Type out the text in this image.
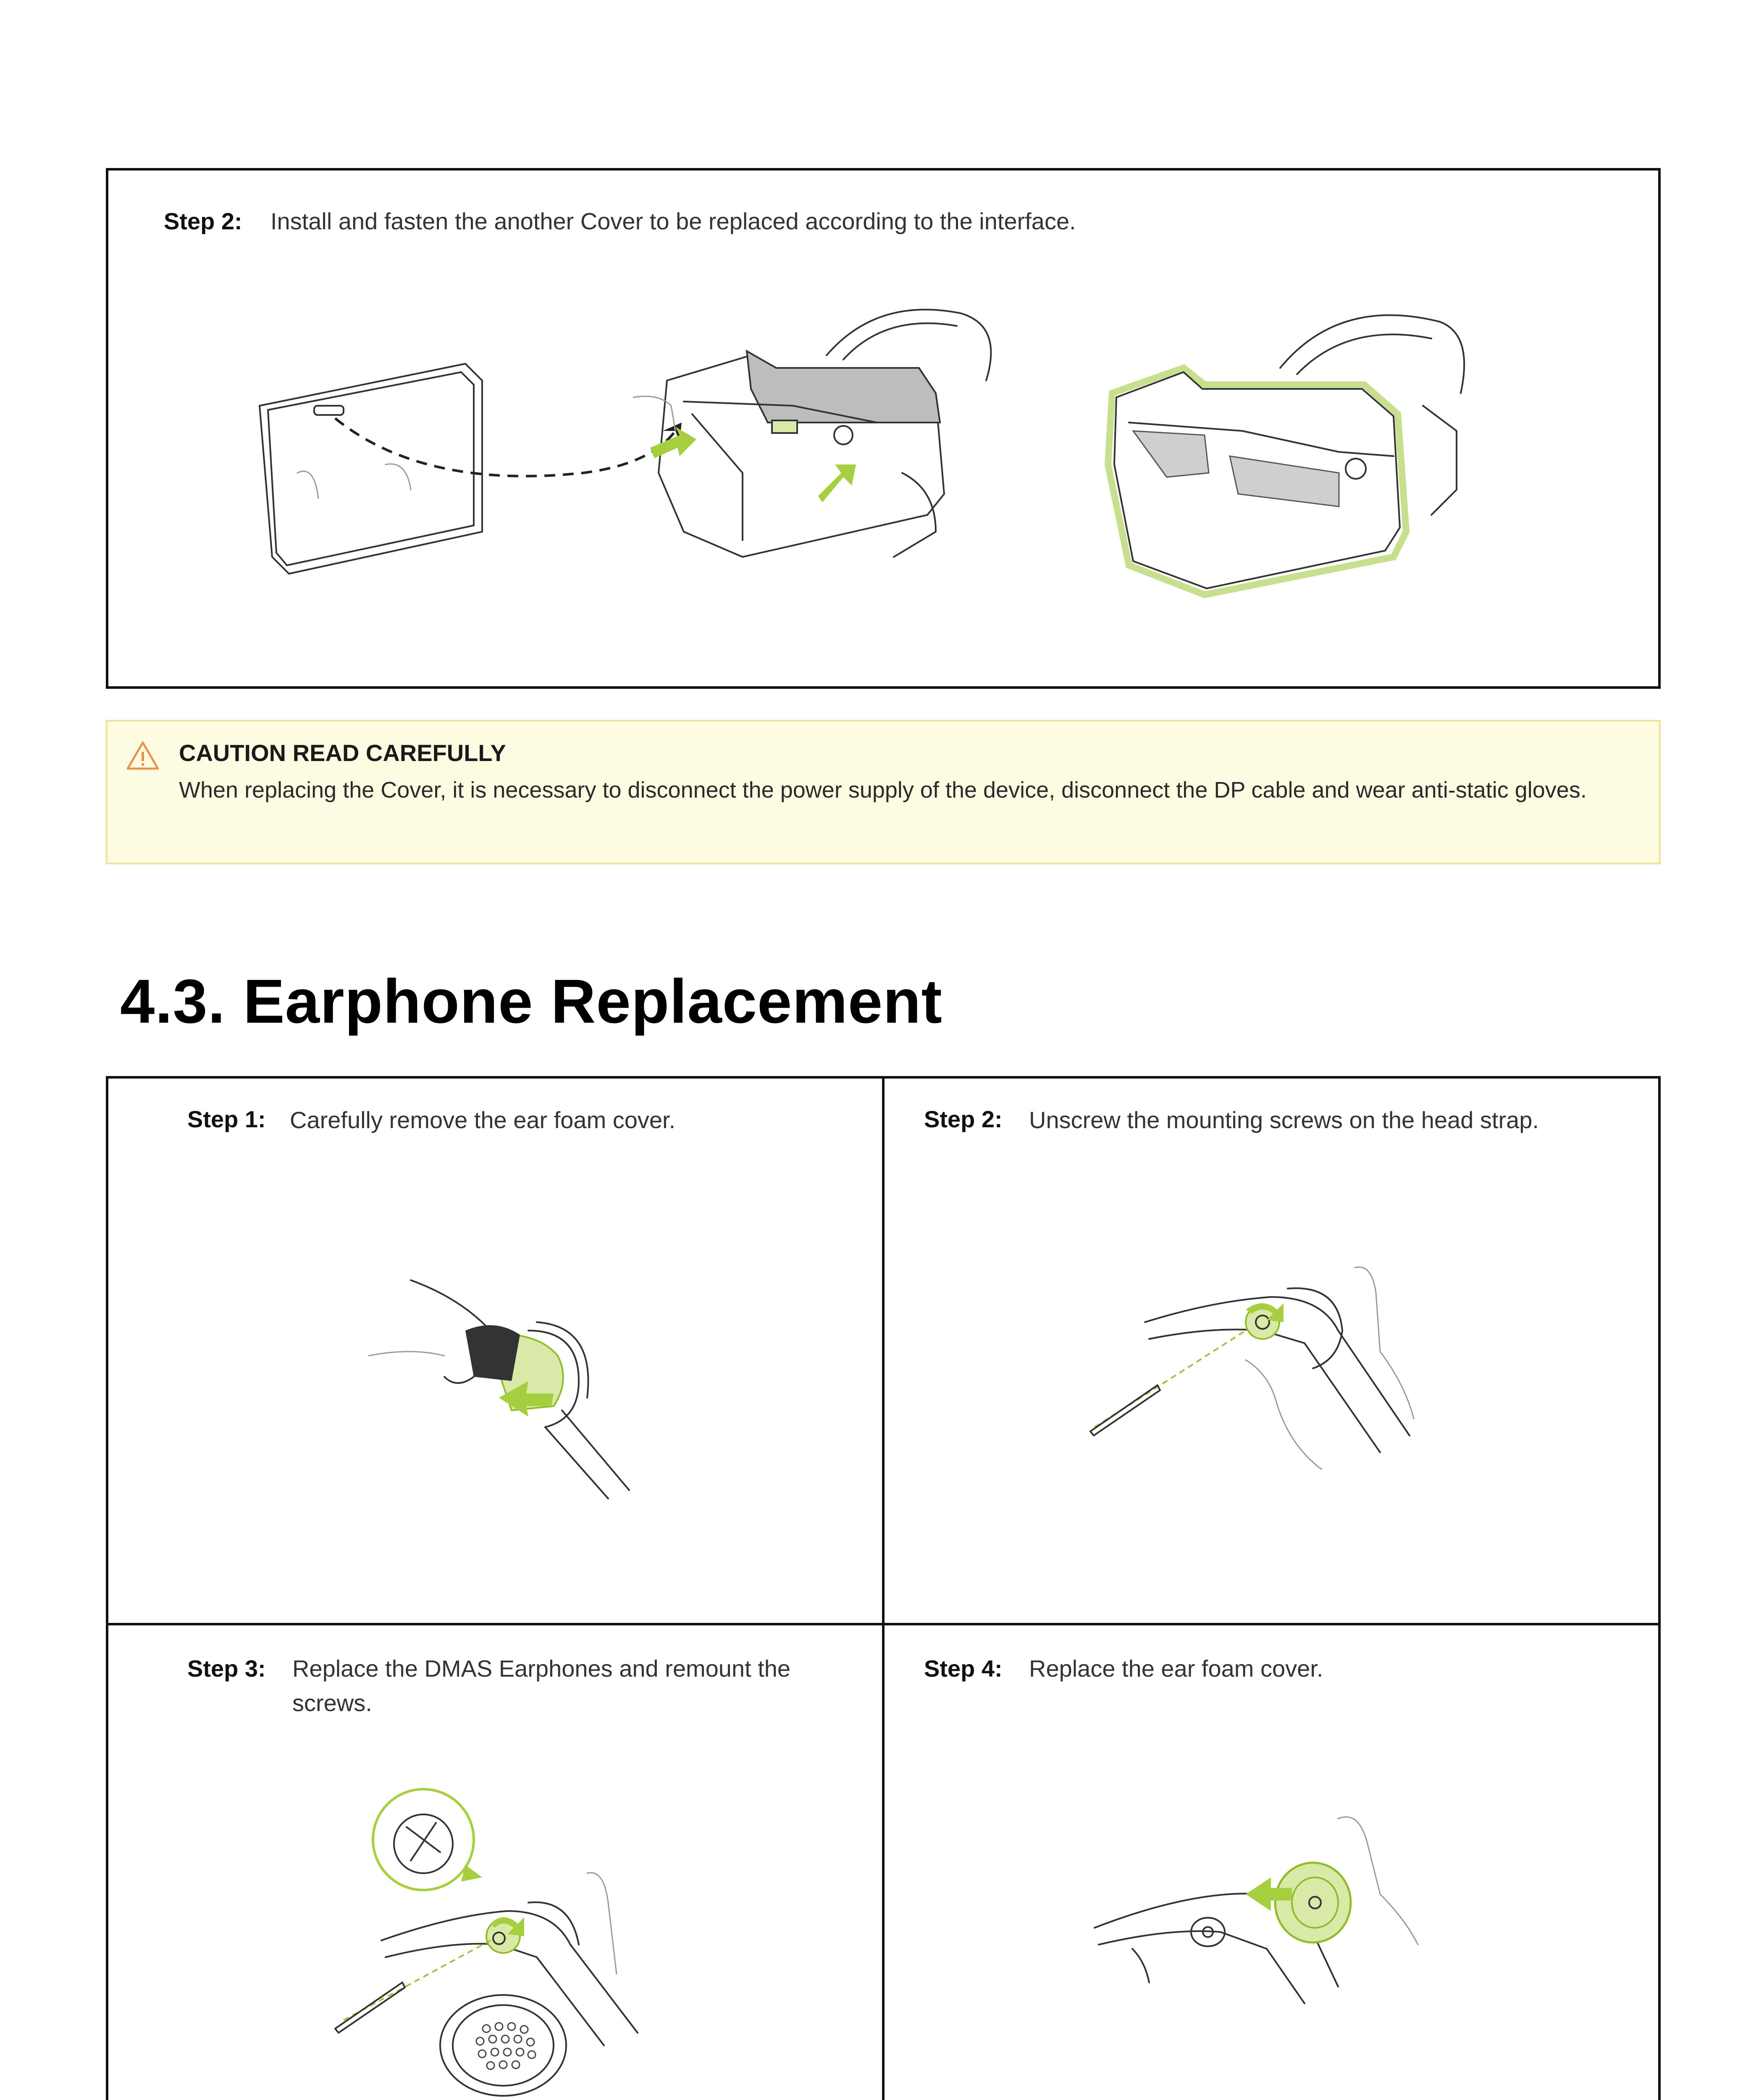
Step 2: Install and fasten the another Cover to be replaced according to the interface.
CAUTION READ CAREFULLY
When replacing the Cover, it is necessary to disconnect the power supply of the device, disconnect the DP cable and wear anti-static gloves.
4.3. Earphone Replacement
Step 1: Carefully remove the ear foam cover.	Step 2: Unscrew the mounting screws on the head strap.
Step 3: Replace the DMAS Earphones and remount the screws.
Step 4: Replace the ear foam cover.
